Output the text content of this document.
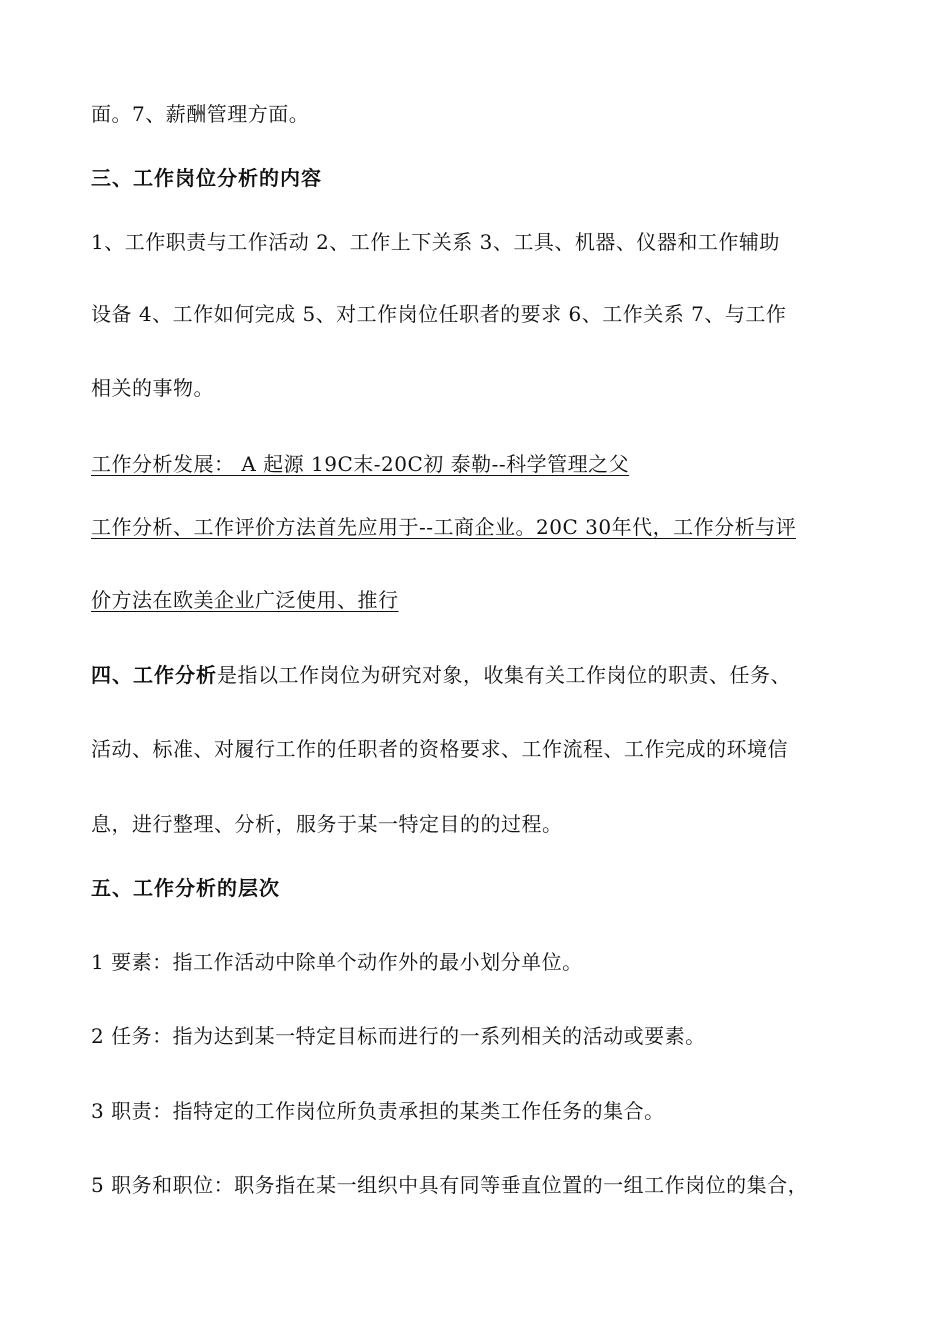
面。7、薪酬管理方面。
三、工作岗位分析的内容
1、工作职责与工作活动 2、工作上下关系 3、工具、机器、仪器和工作辅助
设备 4、工作如何完成 5、对工作岗位任职者的要求 6、工作关系 7、与工作
相关的事物。
工作分析发展： A 起源 19C末-20C初 泰勒--科学管理之父
工作分析、工作评价方法首先应用于--工商企业。20C 30年代，工作分析与评
价方法在欧美企业广泛使用、推行
四、工作分析是指以工作岗位为研究对象，收集有关工作岗位的职责、任务、
活动、标准、对履行工作的任职者的资格要求、工作流程、工作完成的环境信
息，进行整理、分析，服务于某一特定目的的过程。
五、工作分析的层次
1 要素：指工作活动中除单个动作外的最小划分单位。
2 任务：指为达到某一特定目标而进行的一系列相关的活动或要素。
3 职责：指特定的工作岗位所负责承担的某类工作任务的集合。
5 职务和职位：职务指在某一组织中具有同等垂直位置的一组工作岗位的集合，
